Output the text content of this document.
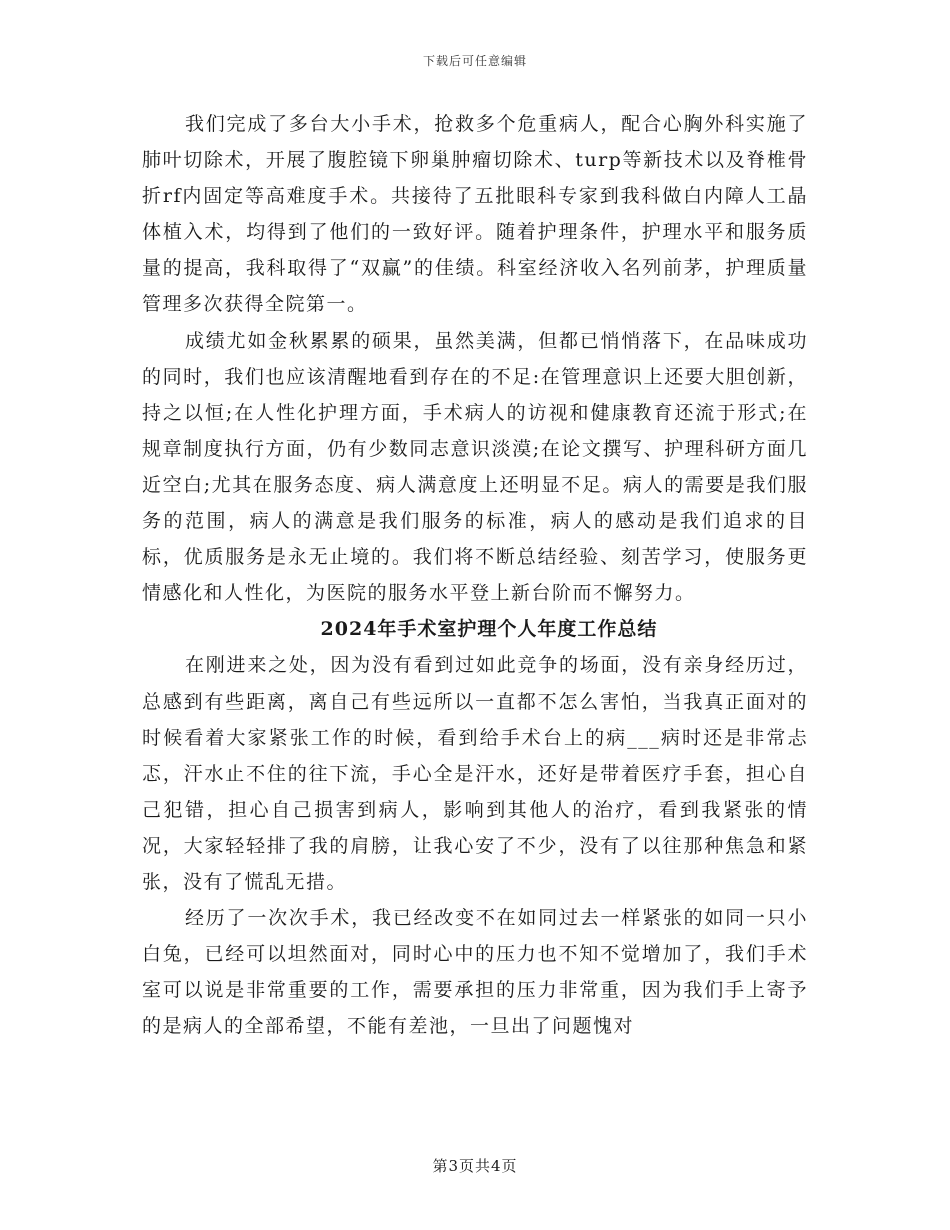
下载后可任意编辑

我们完成了多台大小手术，抢救多个危重病人，配合心胸外科实施了肺叶切除术，开展了腹腔镜下卵巢肿瘤切除术、turp等新技术以及脊椎骨折rf内固定等高难度手术。共接待了五批眼科专家到我科做白内障人工晶体植入术，均得到了他们的一致好评。随着护理条件，护理水平和服务质量的提高，我科取得了“双赢”的佳绩。科室经济收入名列前茅，护理质量管理多次获得全院第一。

成绩尤如金秋累累的硕果，虽然美满，但都已悄悄落下，在品味成功的同时，我们也应该清醒地看到存在的不足:在管理意识上还要大胆创新，持之以恒;在人性化护理方面，手术病人的访视和健康教育还流于形式;在规章制度执行方面，仍有少数同志意识淡漠;在论文撰写、护理科研方面几近空白;尤其在服务态度、病人满意度上还明显不足。病人的需要是我们服务的范围，病人的满意是我们服务的标准，病人的感动是我们追求的目标，优质服务是永无止境的。我们将不断总结经验、刻苦学习，使服务更情感化和人性化，为医院的服务水平登上新台阶而不懈努力。

2024年手术室护理个人年度工作总结

在刚进来之处，因为没有看到过如此竞争的场面，没有亲身经历过，总感到有些距离，离自己有些远所以一直都不怎么害怕，当我真正面对的时候看着大家紧张工作的时候，看到给手术台上的病___病时还是非常忐忑，汗水止不住的往下流，手心全是汗水，还好是带着医疗手套，担心自己犯错，担心自己损害到病人，影响到其他人的治疗，看到我紧张的情况，大家轻轻排了我的肩膀，让我心安了不少，没有了以往那种焦急和紧张，没有了慌乱无措。

经历了一次次手术，我已经改变不在如同过去一样紧张的如同一只小白兔，已经可以坦然面对，同时心中的压力也不知不觉增加了，我们手术室可以说是非常重要的工作，需要承担的压力非常重，因为我们手上寄予的是病人的全部希望，不能有差池，一旦出了问题愧对

第3页共4页
